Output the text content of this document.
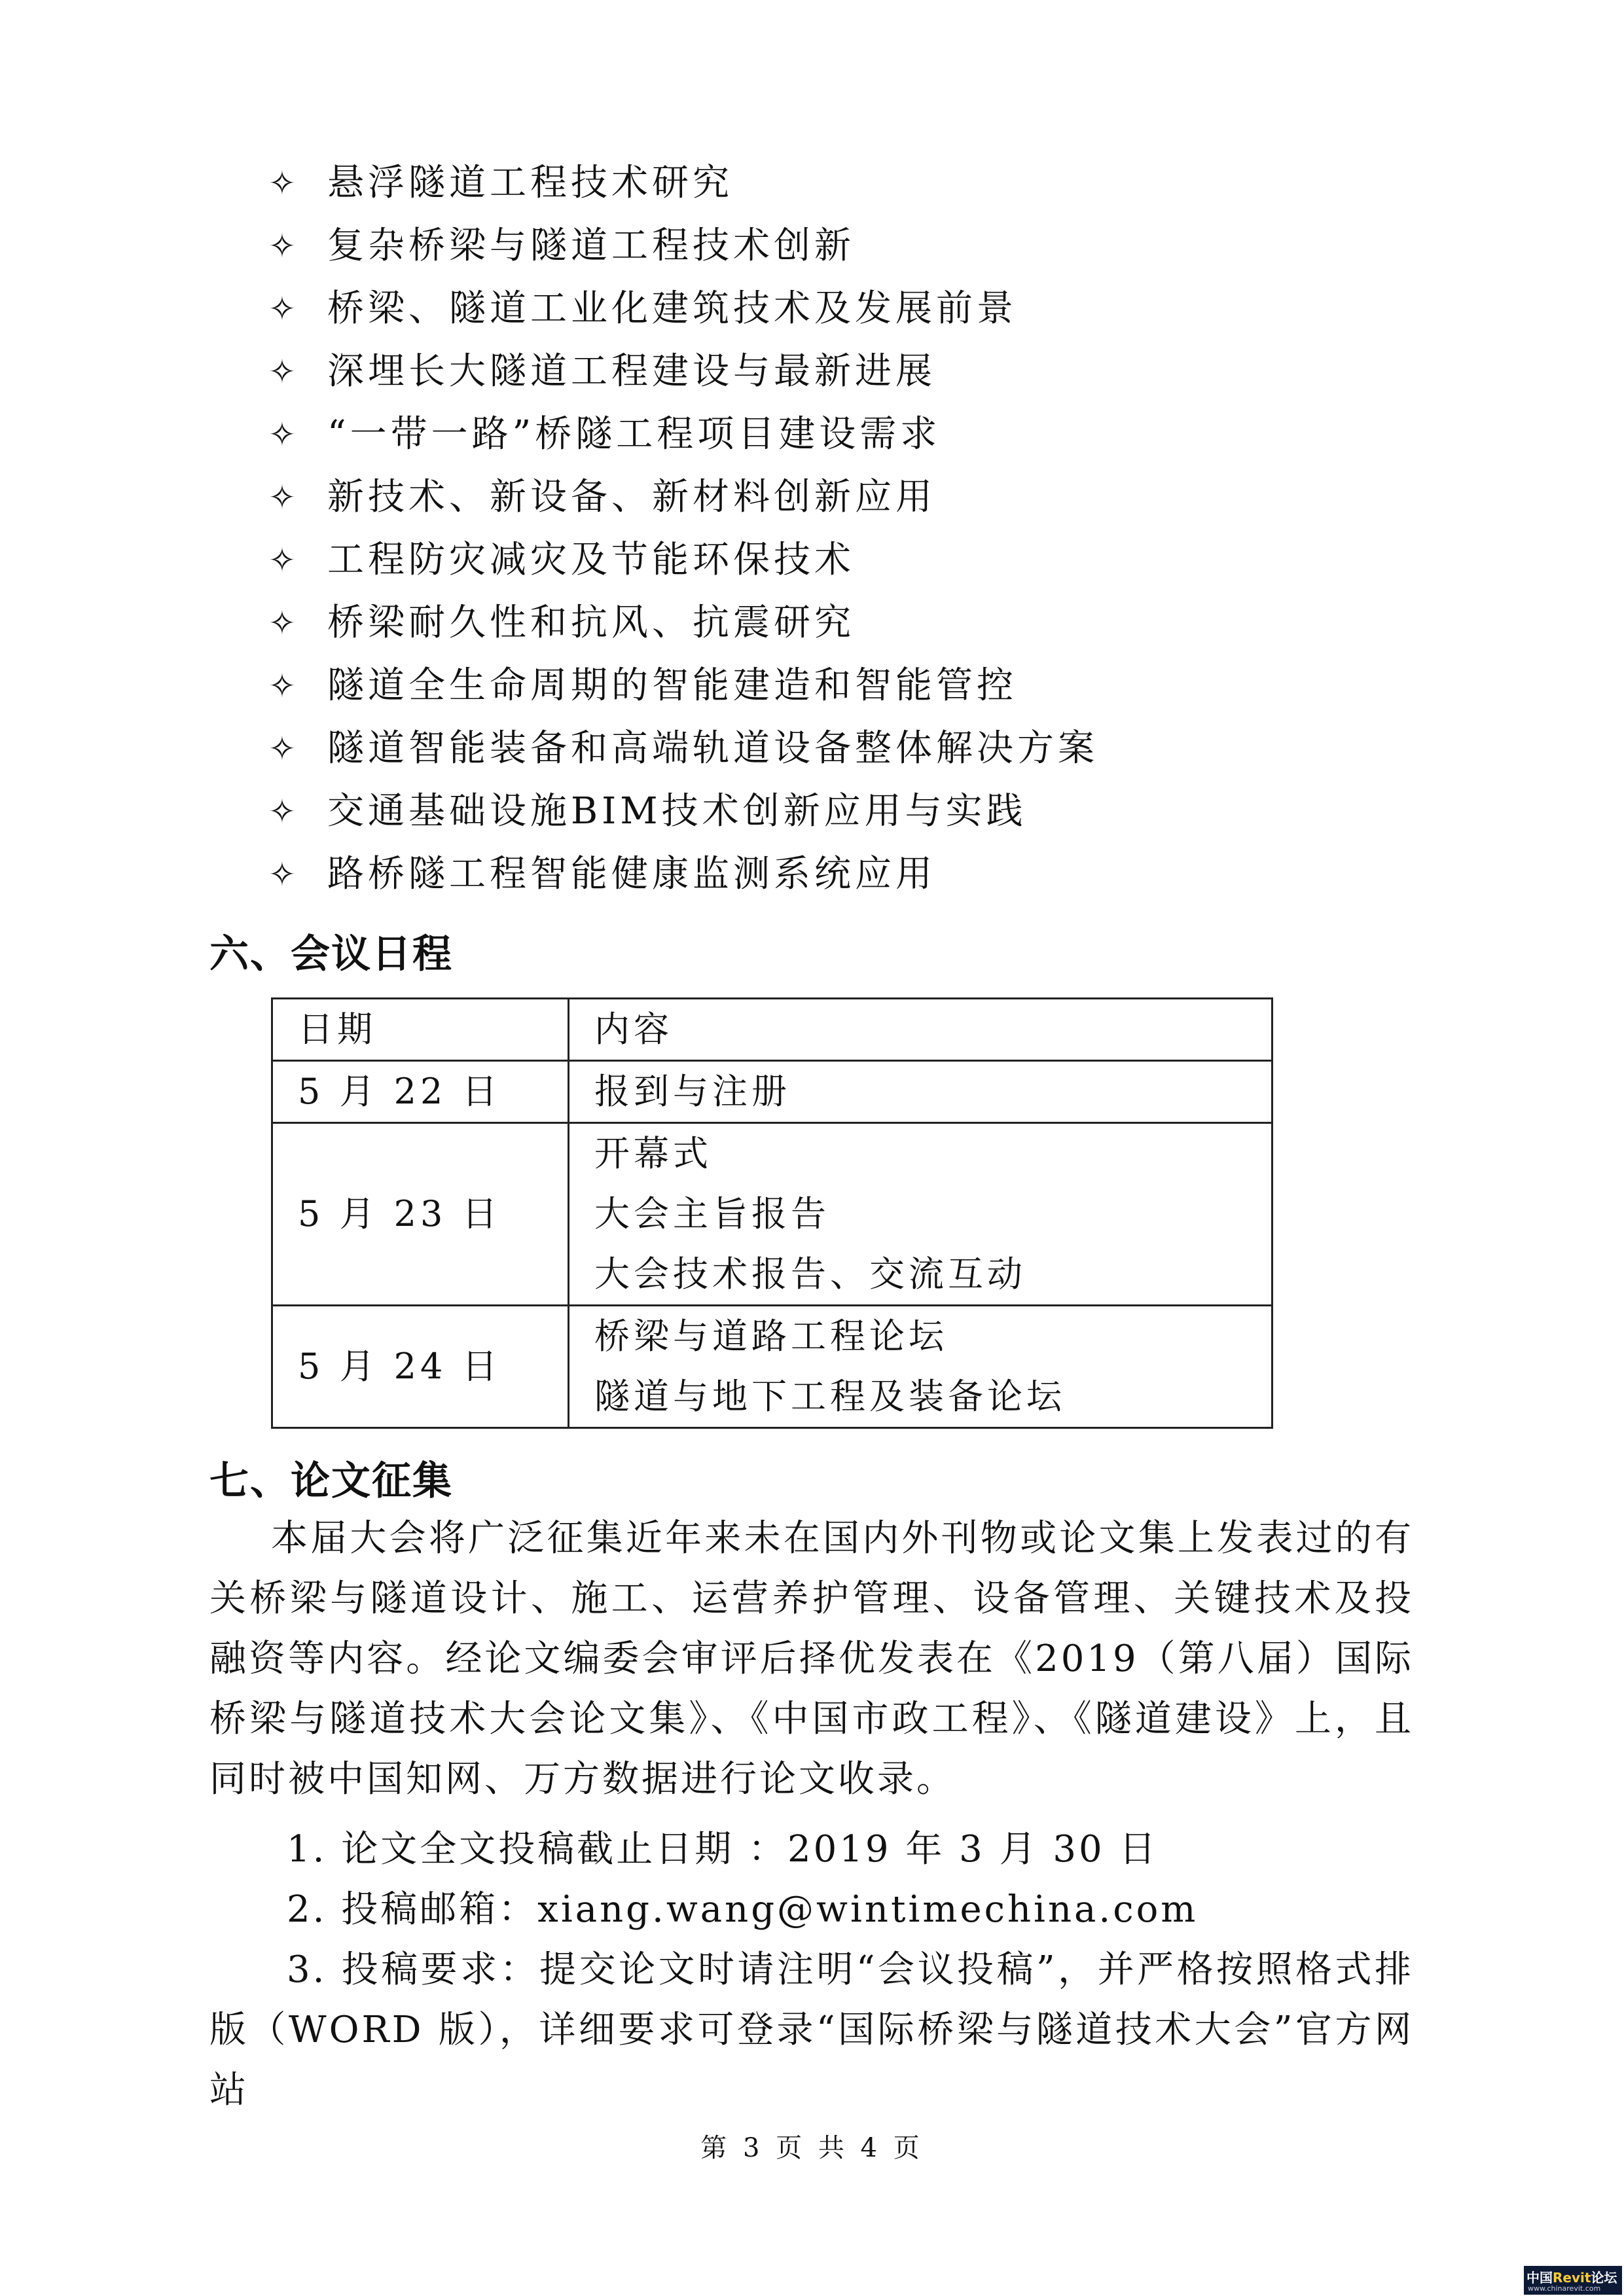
✧ 悬浮隧道工程技术研究
✧ 复杂桥梁与隧道工程技术创新
✧ 桥梁、隧道工业化建筑技术及发展前景
✧ 深埋长大隧道工程建设与最新进展
✧ “一带一路”桥隧工程项目建设需求
✧ 新技术、新设备、新材料创新应用
✧ 工程防灾减灾及节能环保技术
✧ 桥梁耐久性和抗风、抗震研究
✧ 隧道全生命周期的智能建造和智能管控
✧ 隧道智能装备和高端轨道设备整体解决方案
✧ 交通基础设施BIM技术创新应用与实践
✧ 路桥隧工程智能健康监测系统应用
六、会议日程
日期	内容

5 月 22 日	报到与注册

5 月 23 日	开幕式
大会主旨报告
大会技术报告、交流互动

5 月 24 日	桥梁与道路工程论坛
隧道与地下工程及装备论坛
七、论文征集
本届大会将广泛征集近年来未在国内外刊物或论文集上发表过的有关桥梁与隧道设计、施工、运营养护管理、设备管理、关键技术及投融资等内容。经论文编委会审评后择优发表在《2019（第八届）国际桥梁与隧道技术大会论文集》、《中国市政工程》、《隧道建设》上，且同时被中国知网、万方数据进行论文收录。
1. 论文全文投稿截止日期 ：2019 年 3 月 30 日
2. 投稿邮箱：xiang.wang@wintimechina.com
3. 投稿要求：提交论文时请注明“会议投稿”，并严格按照格式排版（WORD 版），详细要求可登录“国际桥梁与隧道技术大会”官方网站
第 3 页 共 4 页
中国Revit论坛
www.chinarevit.com
